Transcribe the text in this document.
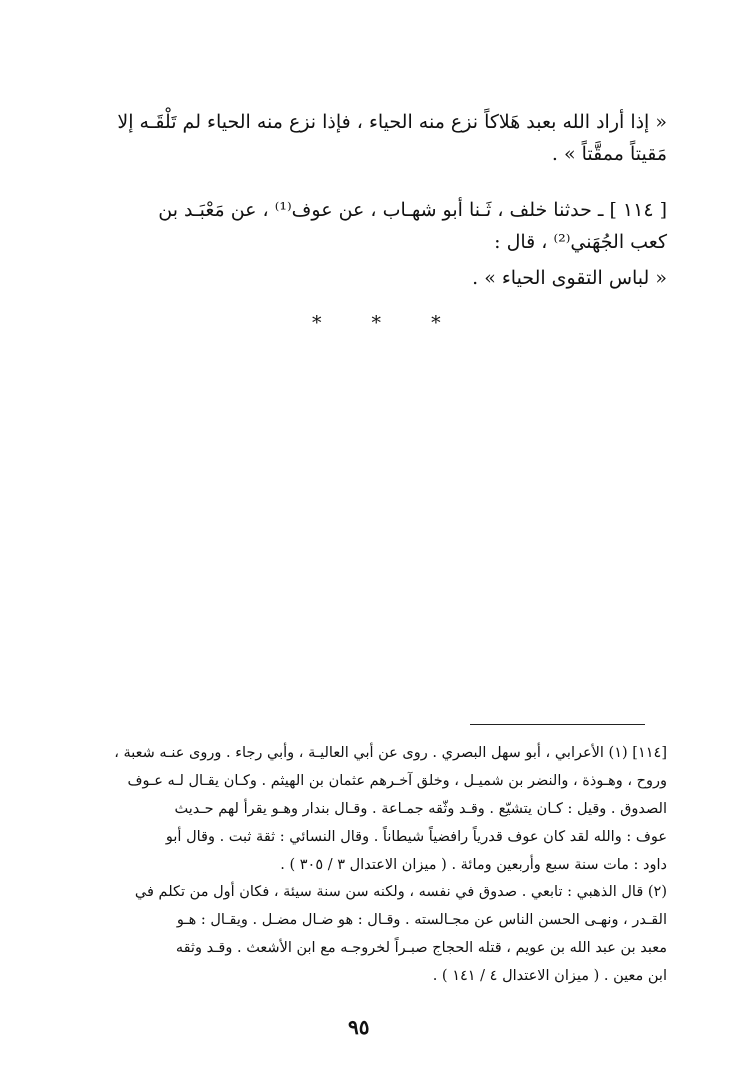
« إذا أراد الله بعبد هَلاكاً نزع منه الحياء ، فإذا نزع منه الحياء لم تَلْقَـه إلا
مَقيتاً ممقَّتاً » .
[ ١١٤ ] ـ حدثنا خلف ، ثَـنا أبو شهـاب ، عن عوف⁽¹⁾ ، عن مَعْبَـد بن
كعب الجُهَني⁽²⁾ ، قال :
« لباس التقوى الحياء » .
* * *
[١١٤] (١) الأعرابي ، أبو سهل البصري . روى عن أبي العاليـة ، وأبي رجاء . وروى عنـه شعبة ،
وروح ، وهـوذة ، والنضر بن شميـل ، وخلق آخـرهم عثمان بن الهيثم . وكـان يقـال لـه عـوف
الصدوق . وقيل : كـان يتشيّع . وقـد وثّقه جمـاعة . وقـال بندار وهـو يقرأ لهم حـديث
عوف : والله لقد كان عوف قدرياً رافضياً شيطاناً . وقال النسائي : ثقة ثبت . وقال أبو
داود : مات سنة سبع وأربعين ومائة . ( ميزان الاعتدال ٣ / ٣٠٥ ) .
(٢) قال الذهبي : تابعي . صدوق في نفسه ، ولكنه سن سنة سيئة ، فكان أول من تكلم في
القـدر ، ونهـى الحسن الناس عن مجـالسته . وقـال : هو ضـال مضـل . ويقـال : هـو
معبد بن عبد الله بن عويم ، قتله الحجاج صبـراً لخروجـه مع ابن الأشعث . وقـد وثقه
ابن معين . ( ميزان الاعتدال ٤ / ١٤١ ) .
٩٥
